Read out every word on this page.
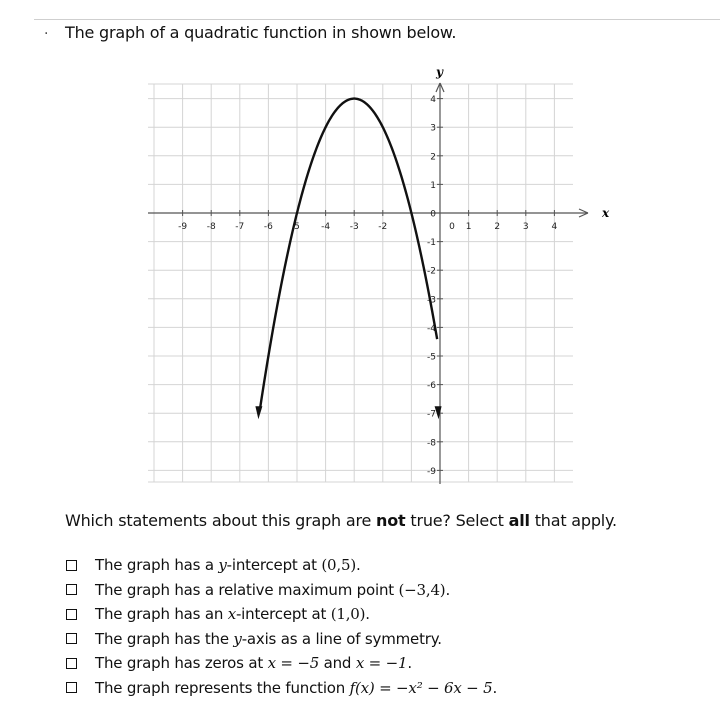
. The graph of a quadratic function in shown below.
-9 -8 -7 -6 5 -4 -3 -2	0 1	2	3	4
4
3
2
1
0
-1
-2
-3
-4
-5
-6
-7
-8
-9
x
y
Which statements about this graph are not true? Select all that apply.
The graph has a y-intercept at (0,5).
The graph has a relative maximum point (−3,4).
The graph has an x-intercept at (1,0).
The graph has the y-axis as a line of symmetry.
The graph has zeros at x = −5 and x = −1.
The graph represents the function f(x) = −x² − 6x − 5.
